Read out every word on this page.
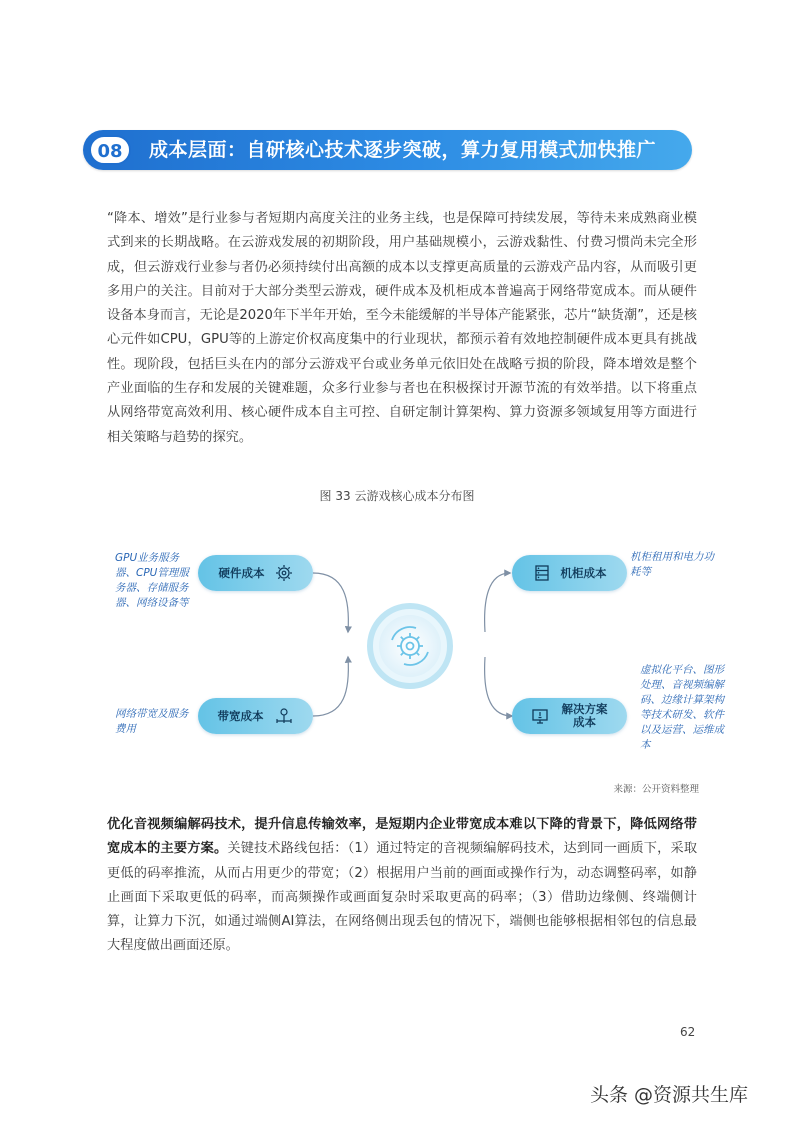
08	成本层面：自研核心技术逐步突破，算力复用模式加快推广

“降本、增效”是行业参与者短期内高度关注的业务主线，也是保障可持续发展，等待未来成熟商业模式到来的长期战略。在云游戏发展的初期阶段，用户基础规模小，云游戏黏性、付费习惯尚未完全形成，但云游戏行业参与者仍必须持续付出高额的成本以支撑更高质量的云游戏产品内容，从而吸引更多用户的关注。目前对于大部分类型云游戏，硬件成本及机柜成本普遍高于网络带宽成本。而从硬件设备本身而言，无论是2020年下半年开始，至今未能缓解的半导体产能紧张，芯片“缺货潮”，还是核心元件如CPU，GPU等的上游定价权高度集中的行业现状，都预示着有效地控制硬件成本更具有挑战性。现阶段，包括巨头在内的部分云游戏平台或业务单元依旧处在战略亏损的阶段，降本增效是整个产业面临的生存和发展的关键难题，众多行业参与者也在积极探讨开源节流的有效举措。以下将重点从网络带宽高效利用、核心硬件成本自主可控、自研定制计算架构、算力资源多领域复用等方面进行相关策略与趋势的探究。

图 33 云游戏核心成本分布图
硬件成本	机柜成本
带宽成本	解决方案成本
GPU业务服务器、CPU管理服务器、存储服务器、网络设备等
机柜租用和电力功耗等
网络带宽及服务费用
虚拟化平台、图形处理、音视频编解码、边缘计算架构等技术研发、软件以及运营、运维成本
来源：公开资料整理

优化音视频编解码技术，提升信息传输效率，是短期内企业带宽成本难以下降的背景下，降低网络带宽成本的主要方案。关键技术路线包括：（1）通过特定的音视频编解码技术，达到同一画质下，采取更低的码率推流，从而占用更少的带宽；（2）根据用户当前的画面或操作行为，动态调整码率，如静止画面下采取更低的码率，而高频操作或画面复杂时采取更高的码率；（3）借助边缘侧、终端侧计算，让算力下沉，如通过端侧AI算法，在网络侧出现丢包的情况下，端侧也能够根据相邻包的信息最大程度做出画面还原。

62
头条 @资源共生库
